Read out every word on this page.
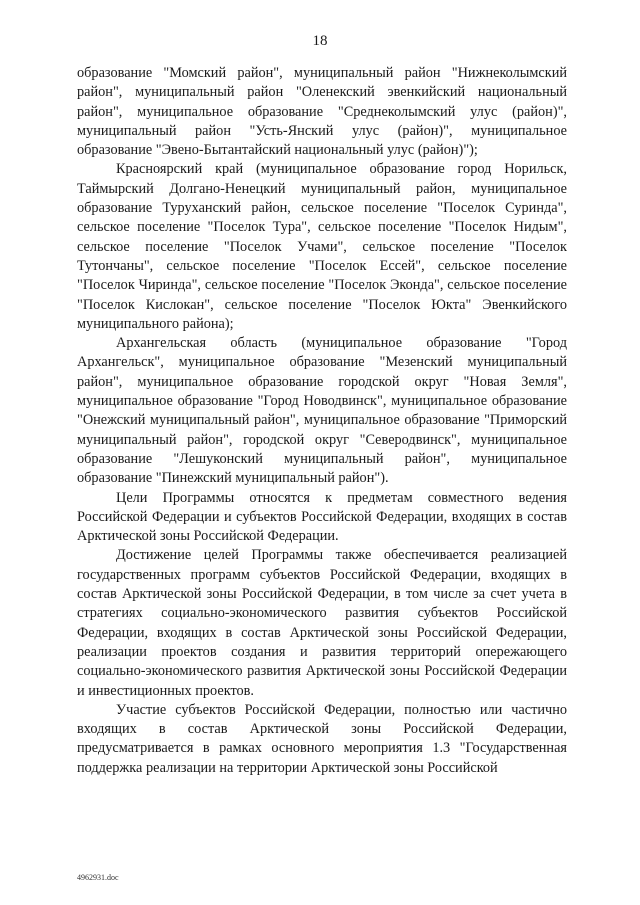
18

образование "Момский район", муниципальный район "Нижнеколымский район", муниципальный район "Оленекский эвенкийский национальный район", муниципальное образование "Среднеколымский улус (район)", муниципальный район "Усть-Янский улус (район)", муниципальное образование "Эвено-Бытантайский национальный улус (район)");

Красноярский край (муниципальное образование город Норильск, Таймырский Долгано-Ненецкий муниципальный район, муниципальное образование Туруханский район, сельское поселение "Поселок Суринда", сельское поселение "Поселок Тура", сельское поселение "Поселок Нидым", сельское поселение "Поселок Учами", сельское поселение "Поселок Тутончаны", сельское поселение "Поселок Ессей", сельское поселение "Поселок Чиринда", сельское поселение "Поселок Эконда", сельское поселение "Поселок Кислокан", сельское поселение "Поселок Юкта" Эвенкийского муниципального района);

Архангельская область (муниципальное образование "Город Архангельск", муниципальное образование "Мезенский муниципальный район", муниципальное образование городской округ "Новая Земля", муниципальное образование "Город Новодвинск", муниципальное образование "Онежский муниципальный район", муниципальное образование "Приморский муниципальный район", городской округ "Северодвинск", муниципальное образование "Лешуконский муниципальный район", муниципальное образование "Пинежский муниципальный район").

Цели Программы относятся к предметам совместного ведения Российской Федерации и субъектов Российской Федерации, входящих в состав Арктической зоны Российской Федерации.

Достижение целей Программы также обеспечивается реализацией государственных программ субъектов Российской Федерации, входящих в состав Арктической зоны Российской Федерации, в том числе за счет учета в стратегиях социально-экономического развития субъектов Российской Федерации, входящих в состав Арктической зоны Российской Федерации, реализации проектов создания и развития территорий опережающего социально-экономического развития Арктической зоны Российской Федерации и инвестиционных проектов.

Участие субъектов Российской Федерации, полностью или частично входящих в состав Арктической зоны Российской Федерации, предусматривается в рамках основного мероприятия 1.3 "Государственная поддержка реализации на территории Арктической зоны Российской

4962931.doc
